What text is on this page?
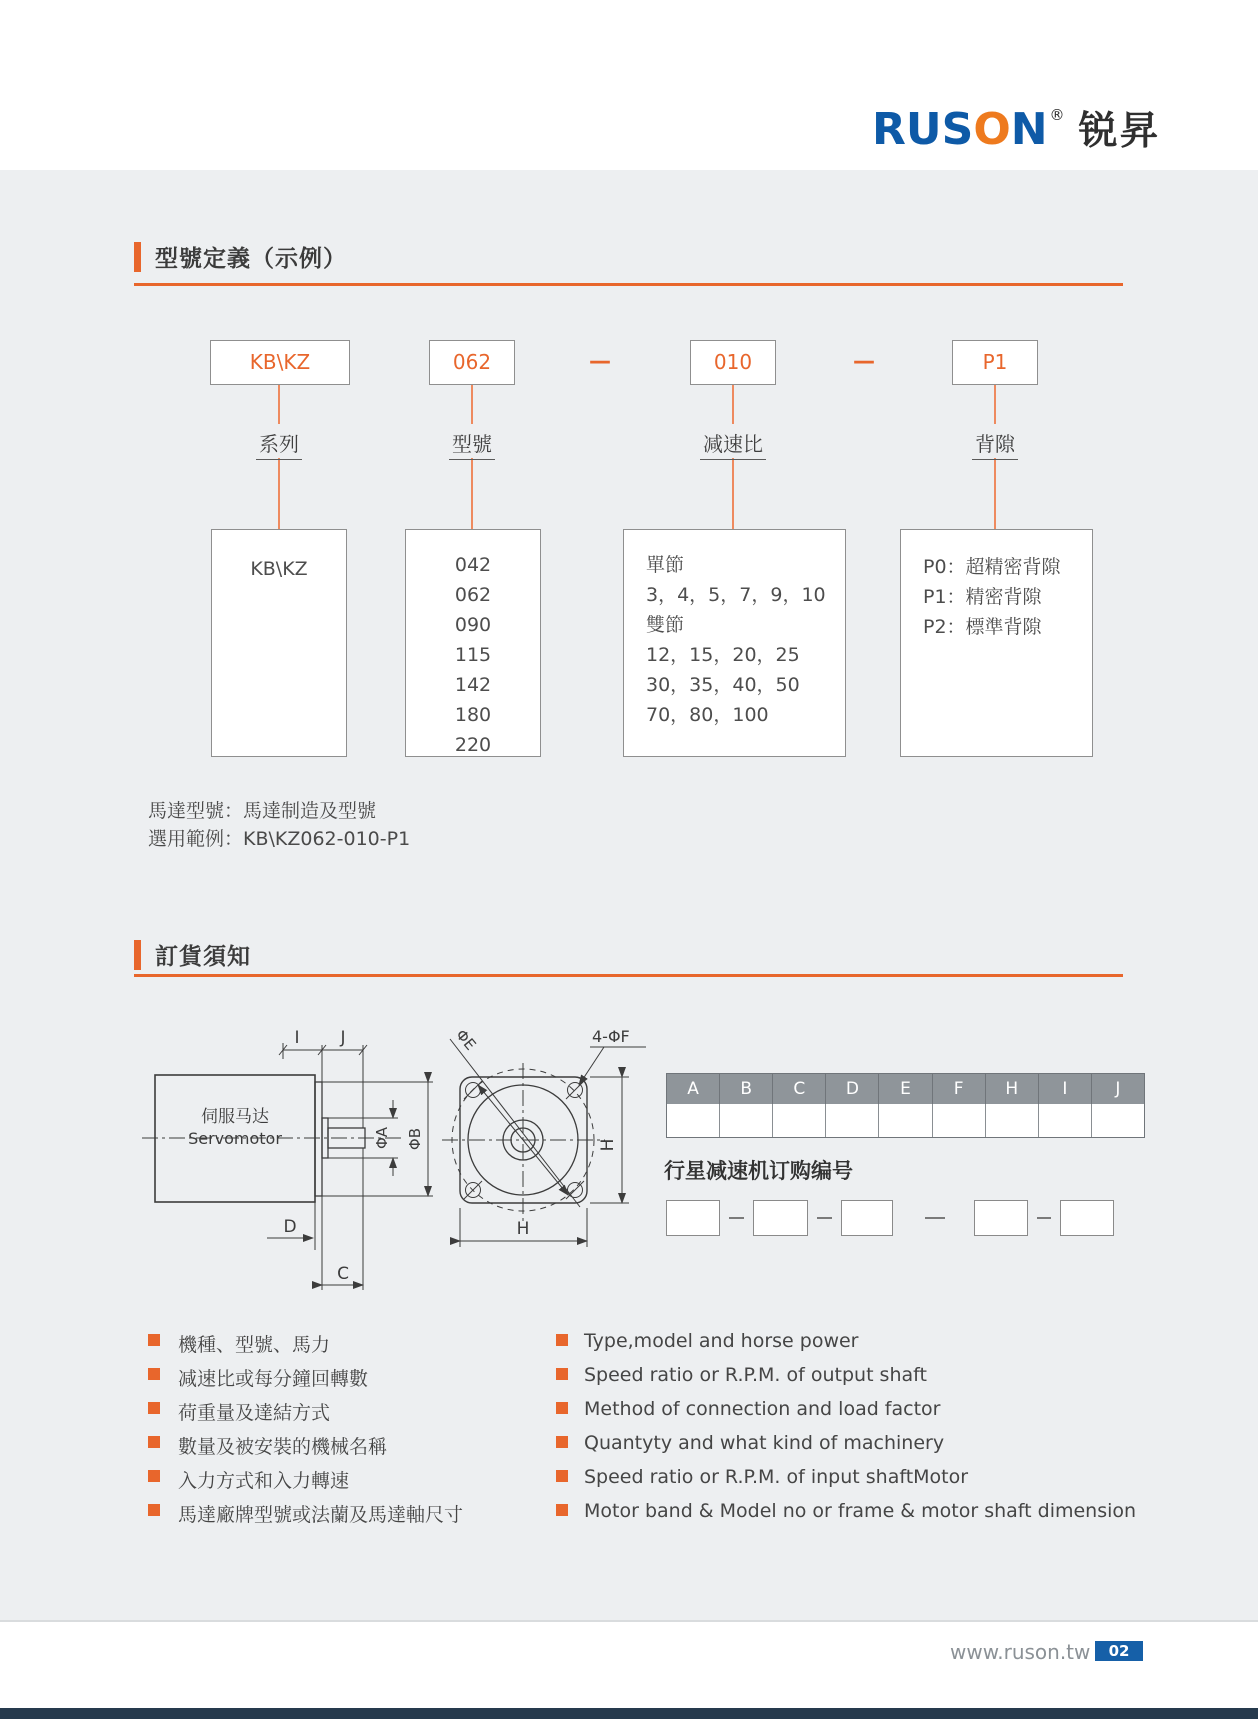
RUS O N ® 锐昇
型號定義（示例）
KB\KZ	062	—	010	—	P1
系列	型號	减速比	背隙
KB\KZ	042
062
090
115
142
180
220
單節
3，4，5，7，9，10
雙節
12，15，20，25
30，35，40，50
70，80，100
P0：超精密背隙
P1：精密背隙
P2：標準背隙
馬達型號：馬達制造及型號
選用範例：KB\KZ062-010-P1
訂貨須知
伺服马达
Servomotor
I J
ΦA ΦB
D
C
ΦE	4-ΦF
H
H
A	B	C	D	E	F	H	I	J
行星减速机订购编号
機種、型號、馬力
减速比或每分鐘回轉數
荷重量及達結方式
數量及被安裝的機械名稱
入力方式和入力轉速
馬達廠牌型號或法蘭及馬達軸尺寸
Type,model and horse power
Speed ratio or R.P.M. of output shaft
Method of connection and load factor
Quantyty and what kind of machinery
Speed ratio or R.P.M. of input shaftMotor
Motor band & Model no or frame & motor shaft dimension
www.ruson.tw	02
